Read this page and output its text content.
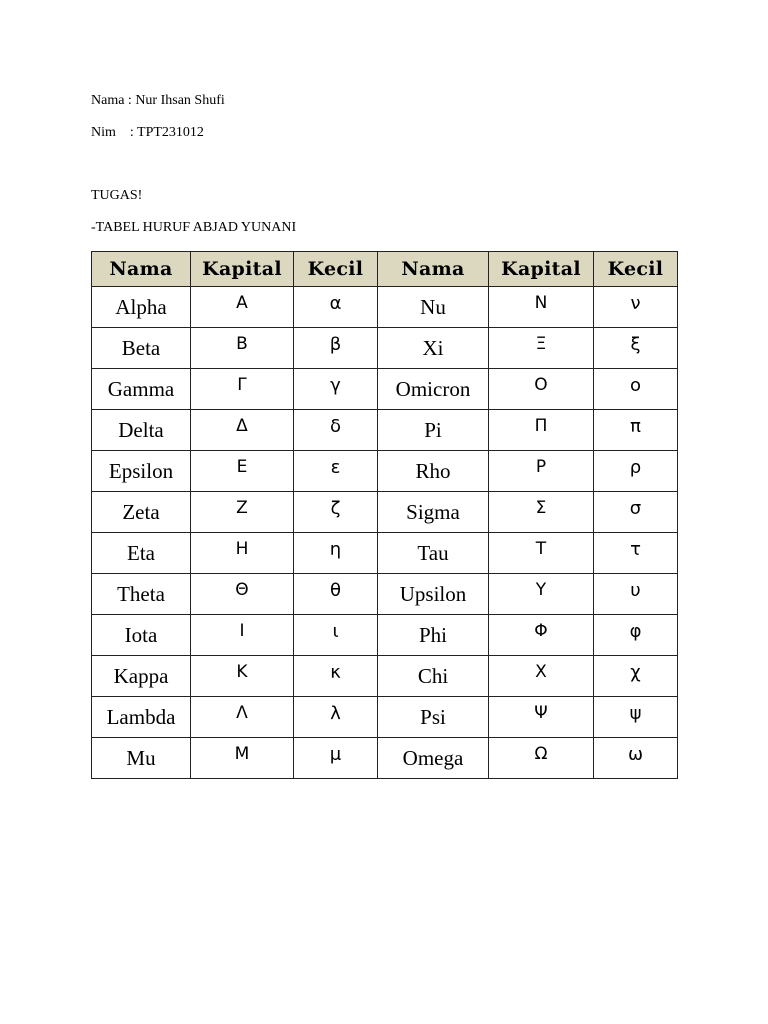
Nama : Nur Ihsan Shufi
Nim    : TPT231012
TUGAS!
-TABEL HURUF ABJAD YUNANI
Nama	Kapital	Kecil	Nama	Kapital	Kecil
Alpha	Α	α	Nu	Ν	ν
Beta	Β	β	Xi	Ξ	ξ
Gamma	Γ	γ	Omicron	Ο	ο
Delta	Δ	δ	Pi	Π	π
Epsilon	Ε	ε	Rho	Ρ	ρ
Zeta	Ζ	ζ	Sigma	Σ	σ
Eta	Η	η	Tau	Τ	τ
Theta	Θ	θ	Upsilon	Υ	υ
Iota	Ι	ι	Phi	Φ	φ
Kappa	Κ	κ	Chi	Χ	χ
Lambda	Λ	λ	Psi	Ψ	ψ
Mu	Μ	μ	Omega	Ω	ω
